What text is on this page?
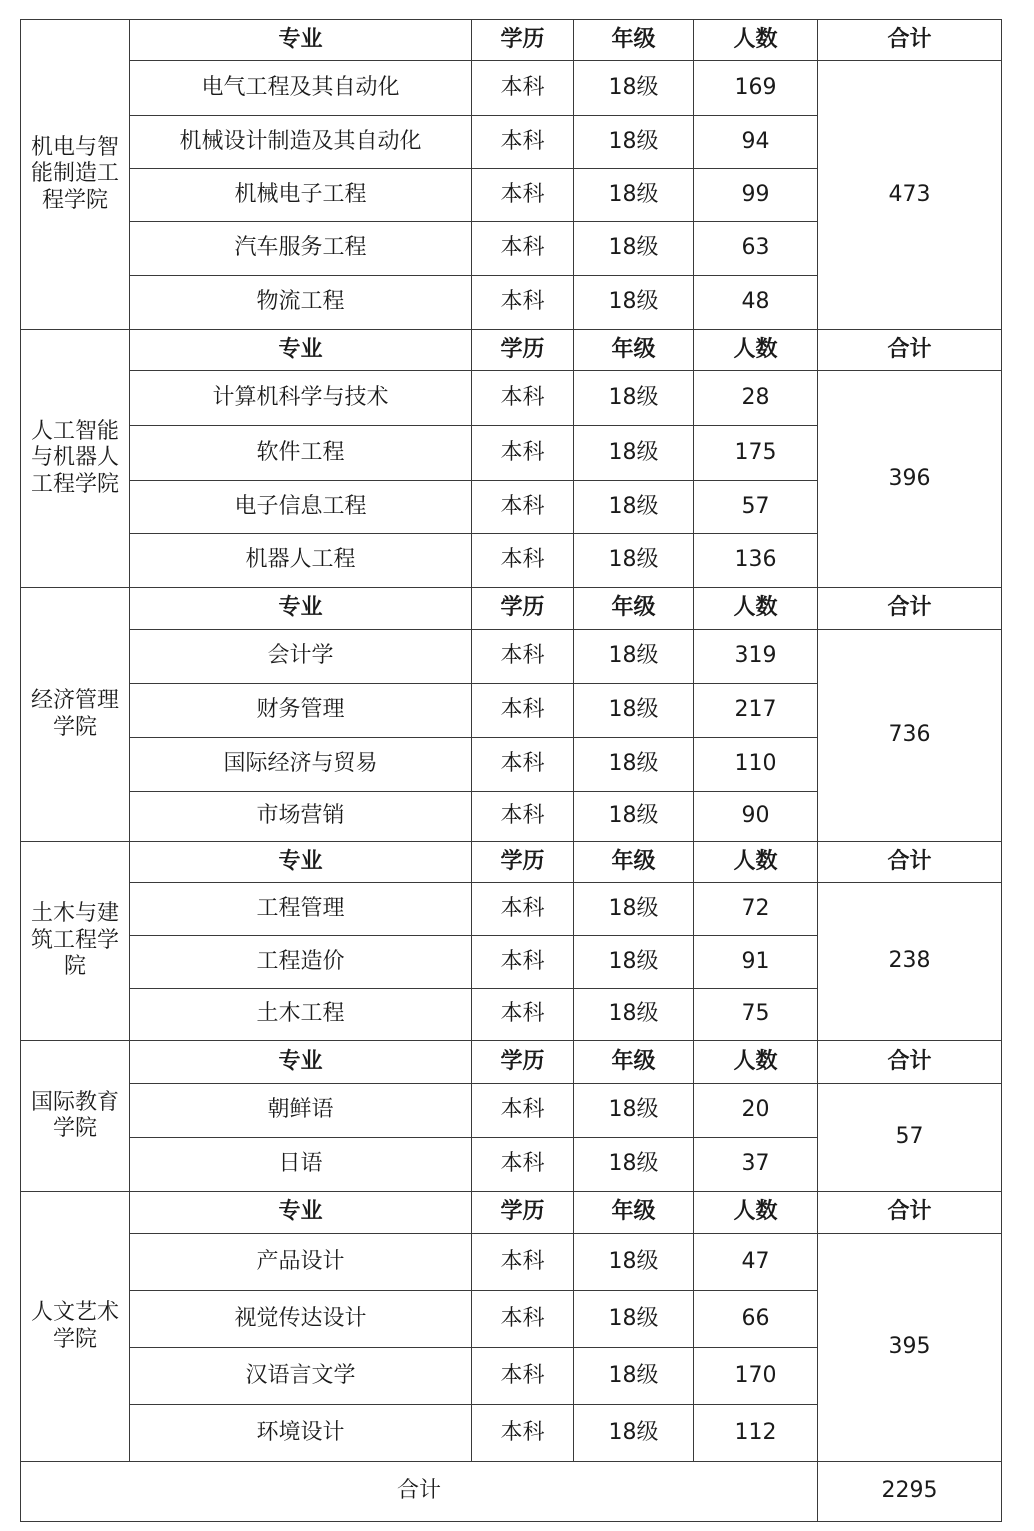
机电与智能制造工程学院	专业	学历	年级	人数	合计
	电气工程及其自动化	本科	18级	169	473
	机械设计制造及其自动化	本科	18级	94	
	机械电子工程	本科	18级	99	
	汽车服务工程	本科	18级	63	
	物流工程	本科	18级	48	
人工智能与机器人工程学院	专业	学历	年级	人数	合计
	计算机科学与技术	本科	18级	28	396
	软件工程	本科	18级	175	
	电子信息工程	本科	18级	57	
	机器人工程	本科	18级	136	
经济管理学院	专业	学历	年级	人数	合计
	会计学	本科	18级	319	736
	财务管理	本科	18级	217	
	国际经济与贸易	本科	18级	110	
	市场营销	本科	18级	90	
土木与建筑工程学院	专业	学历	年级	人数	合计
	工程管理	本科	18级	72	238
	工程造价	本科	18级	91	
	土木工程	本科	18级	75	
国际教育学院	专业	学历	年级	人数	合计
	朝鲜语	本科	18级	20	57
	日语	本科	18级	37	
人文艺术学院	专业	学历	年级	人数	合计
	产品设计	本科	18级	47	395
	视觉传达设计	本科	18级	66	
	汉语言文学	本科	18级	170	
	环境设计	本科	18级	112	
合计					2295
